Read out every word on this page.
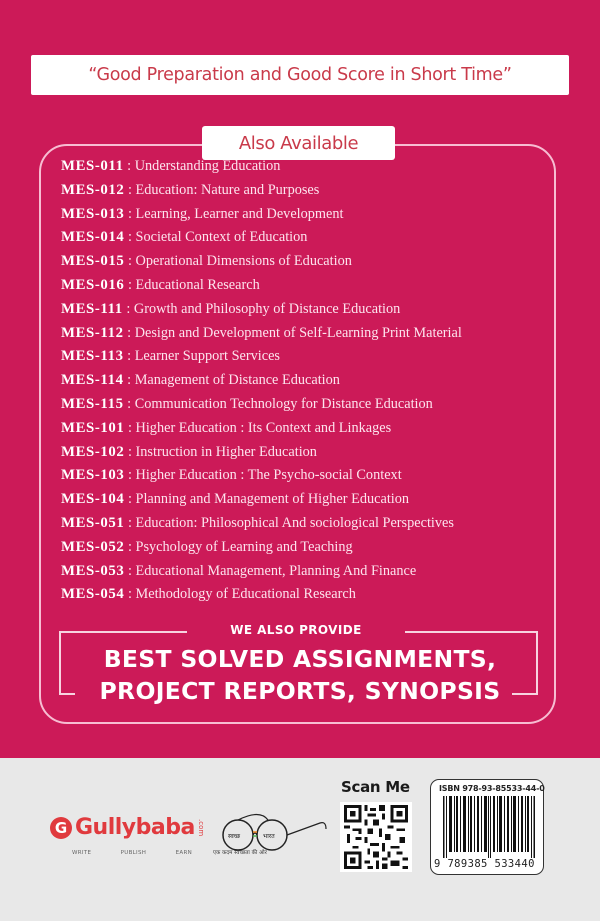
“Good Preparation and Good Score in Short Time”
Also Available
MES-011 : Understanding Education
MES-012 : Education: Nature and Purposes
MES-013 : Learning, Learner and Development
MES-014 : Societal Context of Education
MES-015 : Operational Dimensions of Education
MES-016 : Educational Research
MES-111 : Growth and Philosophy of Distance Education
MES-112 : Design and Development of Self-Learning Print Material
MES-113 : Learner Support Services
MES-114 : Management of Distance Education
MES-115 : Communication Technology for Distance Education
MES-101 : Higher Education : Its Context and Linkages
MES-102 : Instruction in Higher Education
MES-103 : Higher Education : The Psycho-social Context
MES-104 : Planning and Management of Higher Education
MES-051 : Education: Philosophical And sociological Perspectives
MES-052 : Psychology of Learning and Teaching
MES-053 : Educational Management, Planning And Finance
MES-054 : Methodology of Educational Research
WE ALSO PROVIDE
BEST SOLVED ASSIGNMENTS,
PROJECT REPORTS, SYNOPSIS
G Gullybaba .com
WRITE	PUBLISH	EARN
स्वच्छ	भारत
एक कदम स्वच्छता की ओर
Scan Me	ISBN 978-93-85533-44-0
9 789385 533440
